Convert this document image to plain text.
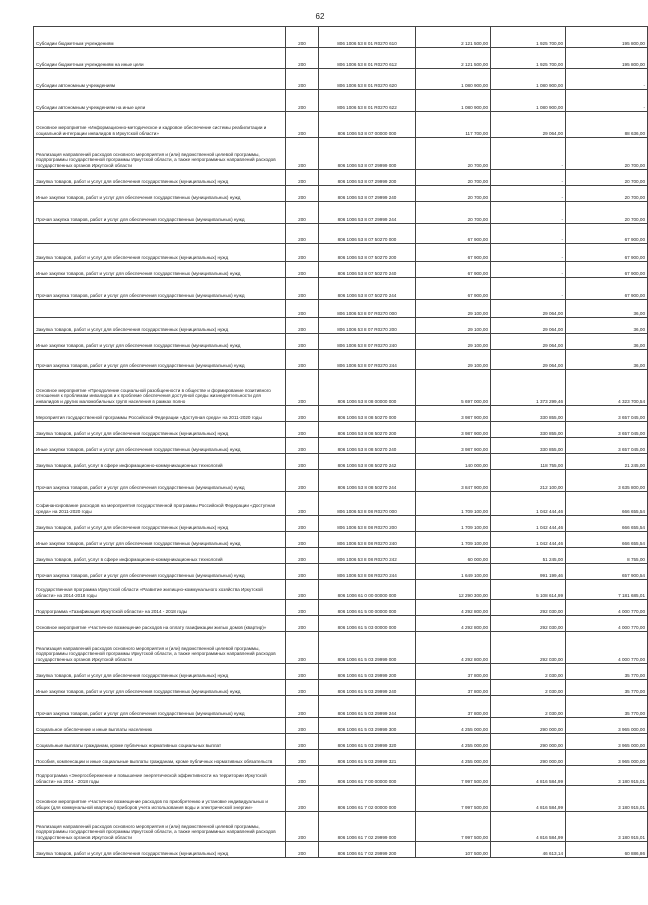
62
Субсидии бюджетным учреждениям	200	806 1006 53 8 01 R0270 610	2 121 500,00	1 925 700,00	195 800,00
Субсидии бюджетным учреждениям на иные цели	200	806 1006 53 8 01 R0270 612	2 121 500,00	1 925 700,00	195 800,00
Субсидии автономным учреждениям	200	806 1006 53 8 01 R0270 620	1 080 900,00	1 080 900,00	-
Субсидии автономным учреждениям на иные цели	200	806 1006 53 8 01 R0270 622	1 080 900,00	1 080 900,00	-
Основное мероприятие «Информационно-методическое и кадровое обеспечение системы реабилитации и социальной интеграции инвалидов в Иркутской области»	200	806 1006 53 8 07 00000 000	117 700,00	29 064,00	88 636,00
Реализация направлений расходов основного мероприятия и (или) ведомственной целевой программы, подпрограммы государственной программы Иркутской области, а также непрограммных направлений расходов государственных органов Иркутской области	200	806 1006 53 8 07 29999 000	20 700,00	-	20 700,00
Закупка товаров, работ и услуг для обеспечения государственных (муниципальных) нужд	200	806 1006 53 8 07 29999 200	20 700,00	-	20 700,00
Иные закупки товаров, работ и услуг для обеспечения государственных (муниципальных) нужд	200	806 1006 53 8 07 29999 240	20 700,00	-	20 700,00
Прочая закупка товаров, работ и услуг для обеспечения государственных (муниципальных) нужд	200	806 1006 53 8 07 29999 244	20 700,00	-	20 700,00
	200	806 1006 53 8 07 50270 000	67 900,00	-	67 900,00
Закупка товаров, работ и услуг для обеспечения государственных (муниципальных) нужд	200	806 1006 53 8 07 50270 200	67 900,00	-	67 900,00
Иные закупки товаров, работ и услуг для обеспечения государственных (муниципальных) нужд	200	806 1006 53 8 07 50270 240	67 900,00	-	67 900,00
Прочая закупка товаров, работ и услуг для обеспечения государственных (муниципальных) нужд	200	806 1006 53 8 07 50270 244	67 900,00	-	67 900,00
	200	806 1006 53 8 07 R0270 000	29 100,00	29 064,00	36,00
Закупка товаров, работ и услуг для обеспечения государственных (муниципальных) нужд	200	806 1006 53 8 07 R0270 200	29 100,00	29 064,00	36,00
Иные закупки товаров, работ и услуг для обеспечения государственных (муниципальных) нужд	200	806 1006 53 8 07 R0270 240	29 100,00	29 064,00	36,00
Прочая закупка товаров, работ и услуг для обеспечения государственных (муниципальных) нужд	200	806 1006 53 8 07 R0270 244	29 100,00	29 064,00	36,00
Основное мероприятие «Преодоление социальной разобщенности в обществе и формирование позитивного отношения к проблемам инвалидов и к проблеме обеспечения доступной среды жизнедеятельности для инвалидов и других маломобильных групп населения в рамках полно	200	806 1006 53 8 08 00000 000	5 697 000,00	1 373 299,46	4 323 700,54
Мероприятия государственной программы Российской Федерации «Доступная среда» на 2011-2020 годы	200	806 1006 53 8 08 50270 000	3 987 900,00	330 855,00	3 657 045,00
Закупка товаров, работ и услуг для обеспечения государственных (муниципальных) нужд	200	806 1006 53 8 08 50270 200	3 987 900,00	330 855,00	3 657 045,00
Иные закупки товаров, работ и услуг для обеспечения государственных (муниципальных) нужд	200	806 1006 53 8 08 50270 240	3 987 900,00	330 855,00	3 657 045,00
Закупка товаров, работ, услуг в сфере информационно-коммуникационных технологий	200	806 1006 53 8 08 50270 242	140 000,00	118 755,00	21 245,00
Прочая закупка товаров, работ и услуг для обеспечения государственных (муниципальных) нужд	200	806 1006 53 8 08 50270 244	3 847 900,00	212 100,00	3 635 800,00
Софинансирование расходов на мероприятия государственной программы Российской Федерации «Доступная среда» на 2011-2020 годы	200	806 1006 53 8 08 R0270 000	1 709 100,00	1 042 444,46	666 655,54
Закупка товаров, работ и услуг для обеспечения государственных (муниципальных) нужд	200	806 1006 53 8 08 R0270 200	1 709 100,00	1 042 444,46	666 655,54
Иные закупки товаров, работ и услуг для обеспечения государственных (муниципальных) нужд	200	806 1006 53 8 08 R0270 240	1 709 100,00	1 042 444,46	666 655,54
Закупка товаров, работ, услуг в сфере информационно-коммуникационных технологий	200	806 1006 53 8 08 R0270 242	60 000,00	51 245,00	8 755,00
Прочая закупка товаров, работ и услуг для обеспечения государственных (муниципальных) нужд	200	806 1006 53 8 08 R0270 244	1 649 100,00	991 199,46	657 900,54
Государственная программа Иркутской области «Развитие жилищно-коммунального хозяйства Иркутской области» на 2014-2018 годы	200	806 1006 61 0 00 00000 000	12 290 300,00	5 108 614,99	7 181 685,01
Подпрограмма «Газификация Иркутской области» на 2014 - 2018 годы	200	806 1006 61 5 00 00000 000	4 292 800,00	292 030,00	4 000 770,00
Основное мероприятие «Частичное возмещение расходов на оплату газификации жилых домов (квартир)»	200	806 1006 61 5 03 00000 000	4 292 800,00	292 030,00	4 000 770,00
Реализация направлений расходов основного мероприятия и (или) ведомственной целевой программы, подпрограммы государственной программы Иркутской области, а также непрограммных направлений расходов государственных органов Иркутской области	200	806 1006 61 5 03 29999 000	4 292 800,00	292 030,00	4 000 770,00
Закупка товаров, работ и услуг для обеспечения государственных (муниципальных) нужд	200	806 1006 61 5 03 29999 200	37 800,00	2 030,00	35 770,00
Иные закупки товаров, работ и услуг для обеспечения государственных (муниципальных) нужд	200	806 1006 61 5 03 29999 240	37 800,00	2 030,00	35 770,00
Прочая закупка товаров, работ и услуг для обеспечения государственных (муниципальных) нужд	200	806 1006 61 5 03 29999 244	37 800,00	2 030,00	35 770,00
Социальное обеспечение и иные выплаты населению	200	806 1006 61 5 03 29999 300	4 255 000,00	290 000,00	3 965 000,00
Социальные выплаты гражданам, кроме публичных нормативных социальных выплат	200	806 1006 61 5 03 29999 320	4 255 000,00	290 000,00	3 965 000,00
Пособия, компенсации и иные социальные выплаты гражданам, кроме публичных нормативных обязательств	200	806 1006 61 5 03 29999 321	4 255 000,00	290 000,00	3 965 000,00
Подпрограмма «Энергосбережение и повышение энергетической эффективности на территории Иркутской области» на 2014 - 2018 годы	200	806 1006 61 7 00 00000 000	7 997 500,00	4 816 584,99	3 180 915,01
Основное мероприятие «Частичное возмещение расходов по приобретению и установке индивидуальных и общих (для коммунальной квартиры) приборов учета использования воды и электрической энергии»	200	806 1006 61 7 02 00000 000	7 997 500,00	4 816 584,99	3 180 915,01
Реализация направлений расходов основного мероприятия и (или) ведомственной целевой программы, подпрограммы государственной программы Иркутской области, а также непрограммных направлений расходов государственных органов Иркутской области	200	806 1006 61 7 02 29999 000	7 997 500,00	4 816 584,99	3 180 915,01
Закупка товаров, работ и услуг для обеспечения государственных (муниципальных) нужд	200	806 1006 61 7 02 29999 200	107 500,00	46 613,14	60 886,86
